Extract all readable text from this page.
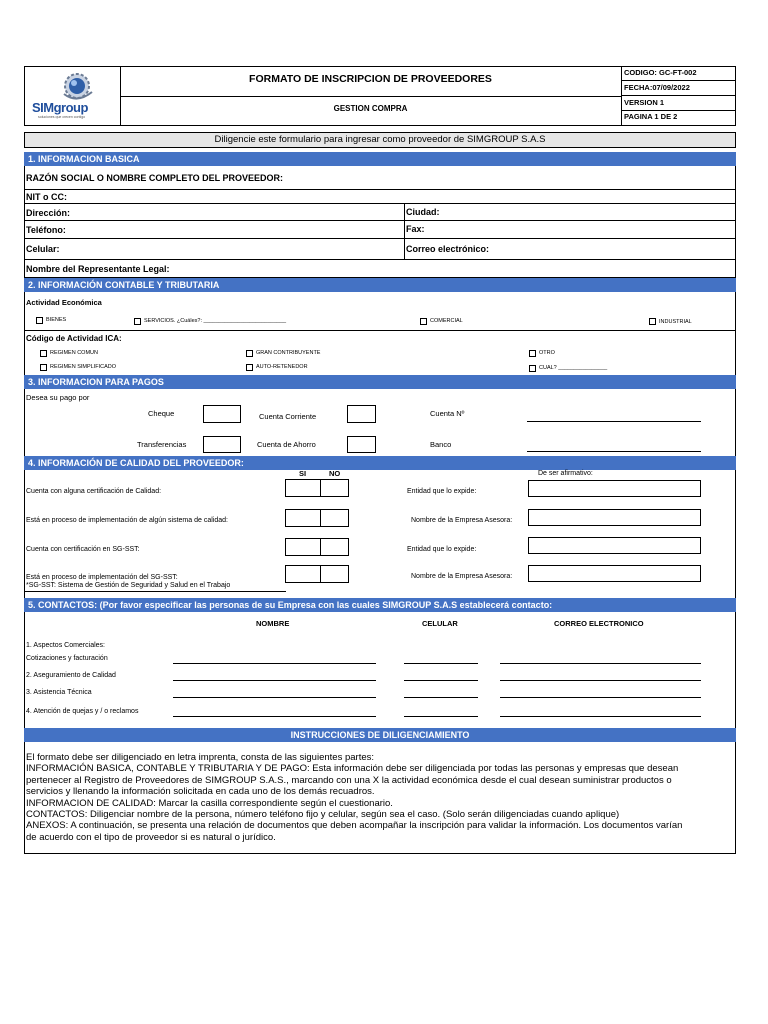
SIMgroup
soluciones que crecen contigo
FORMATO DE INSCRIPCION DE PROVEEDORES
GESTION COMPRA
CODIGO: GC-FT-002
FECHA:07/09/2022
VERSION 1
PAGINA 1 DE 2
Diligencie este formulario para ingresar como proveedor de SIMGROUP S.A.S
1. INFORMACION BASICA
RAZÓN SOCIAL O NOMBRE COMPLETO DEL PROVEEDOR:
NIT o CC:
Dirección:	Ciudad:
Teléfono:	Fax:
Celular:	Correo electrónico:
Nombre del Representante Legal:
2. INFORMACIÓN CONTABLE Y TRIBUTARIA
Actividad Económica
BIENES	SERVICIOS. ¿Cuáles?: ___________________________	COMERCIAL	INDUSTRIAL
Código de Actividad ICA:
REGIMEN COMUN	GRAN CONTRIBUYENTE	OTRO
REGIMEN SIMPLIFICADO	AUTO-RETENEDOR	CUAL? ________________
3. INFORMACION PARA PAGOS
Desea su pago por
Cheque	Cuenta Corriente	Cuenta Nº
Transferencias	Cuenta de Ahorro	Banco
4. INFORMACIÓN DE CALIDAD DEL PROVEEDOR:
SI	NO	De ser afirmativo:
Cuenta con alguna certificación de Calidad:	Entidad que lo expide:
Está en proceso de implementación de algún sistema de calidad:	Nombre de la Empresa Asesora:
Cuenta con certificación en SG-SST:	Entidad que lo expide:
Está en proceso de implementación del SG-SST:	Nombre de la Empresa Asesora:
*SG-SST: Sistema de Gestión de Seguridad y Salud en el Trabajo
5. CONTACTOS: (Por favor especificar las personas de su Empresa con las cuales SIMGROUP S.A.S establecerá contacto:
NOMBRE	CELULAR	CORREO ELECTRONICO
1. Aspectos Comerciales:
Cotizaciones y facturación
2. Aseguramiento de Calidad
3. Asistencia Técnica
4. Atención de quejas y / o reclamos
INSTRUCCIONES DE DILIGENCIAMIENTO
El formato debe ser diligenciado en letra imprenta, consta de las siguientes partes:
INFORMACIÓN BASICA, CONTABLE Y TRIBUTARIA Y DE PAGO: Esta información debe ser diligenciada por todas las personas y empresas que desean
pertenecer al Registro de Proveedores de SIMGROUP S.A.S., marcando con una X la actividad económica desde el cual desean suministrar productos o
servicios y llenando la información solicitada en cada uno de los demás recuadros.
INFORMACION DE CALIDAD: Marcar la casilla correspondiente según el cuestionario.
CONTACTOS: Diligenciar nombre de la persona, número teléfono fijo y celular, según sea el caso. (Solo serán diligenciadas cuando aplique)
ANEXOS: A continuación, se presenta una relación de documentos que deben acompañar la inscripción para validar la información. Los documentos varían
de acuerdo con el tipo de proveedor si es natural o jurídico.
